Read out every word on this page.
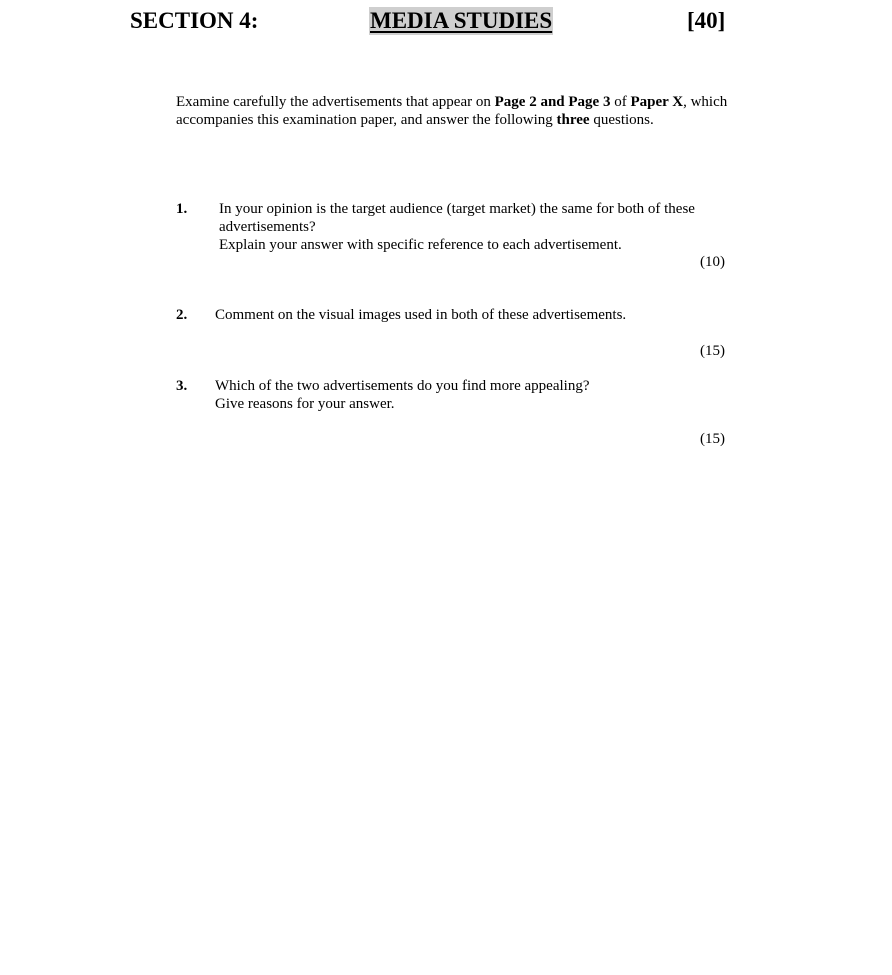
SECTION 4:	MEDIA STUDIES	[40]
Examine carefully the advertisements that appear on Page 2 and Page 3 of Paper X, which
accompanies this examination paper, and answer the following three questions.
1. In your opinion is the target audience (target market) the same for both of these
advertisements?
Explain your answer with specific reference to each advertisement.
(10)
2. Comment on the visual images used in both of these advertisements.
(15)
3. Which of the two advertisements do you find more appealing?
Give reasons for your answer.
(15)
